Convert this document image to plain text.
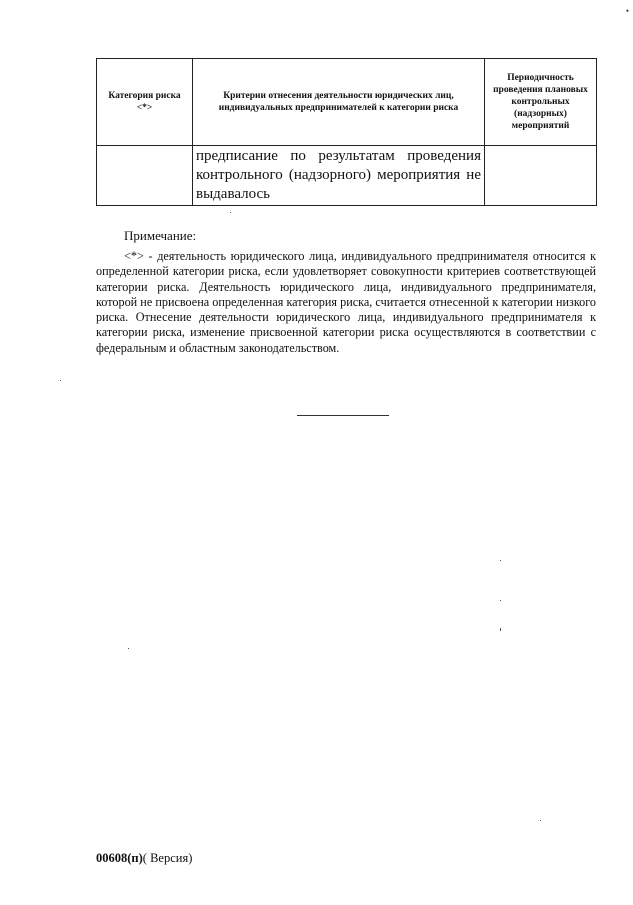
•
Категория риска <*>	Критерии отнесения деятельности юридических лиц, индивидуальных предпринимателей к категории риска	Периодичность проведения плановых контрольных (надзорных) мероприятий
	предписание по результатам проведения контрольного (надзорного) мероприятия не выдавалось	
Примечание:

<*> - деятельность юридического лица, индивидуального предпринимателя относится к определенной категории риска, если удовлетворяет совокупности критериев соответствующей категории риска. Деятельность юридического лица, индивидуального предпринимателя, которой не присвоена определенная категория риска, считается отнесенной к категории низкого риска. Отнесение деятельности юридического лица, индивидуального предпринимателя к категории риска, изменение присвоенной категории риска осуществляются в соответствии с федеральным и областным законодательством.

00608(п)( Версия)
